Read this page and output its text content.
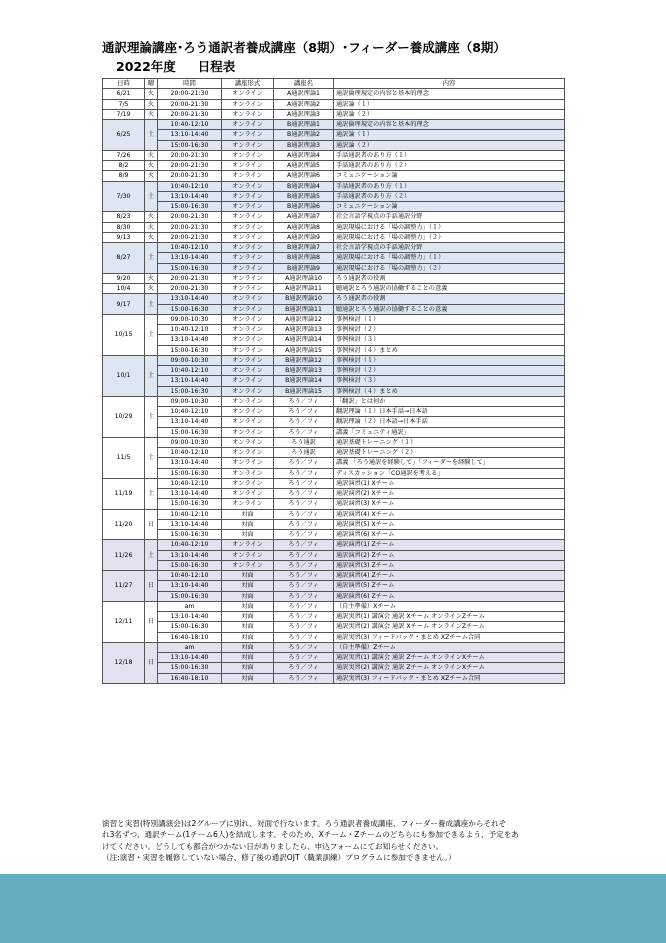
通訳理論講座･ろう通訳者養成講座（8期）･フィーダー養成講座（8期）
2022年度 日程表
日時	曜	時間	講座形式	講座名	内容
6/21	火	20:00-21:30	オンライン	A通訳理論1	通訳倫理規定の内容と基本的理念
7/5	火	20:00-21:30	オンライン	A通訳理論2	通訳論（１）
7/19	火	20:00-21:30	オンライン	A通訳理論3	通訳論（２）
6/25	土	10:40-12:10	オンライン	B通訳理論1	通訳倫理規定の内容と基本的理念
		13:10-14:40	オンライン	B通訳理論2	通訳論（１）
		15:00-16:30	オンライン	B通訳理論3	通訳論（２）
7/26	火	20:00-21:30	オンライン	A通訳理論4	手話通訳者のあり方（１）
8/2	火	20:00-21:30	オンライン	A通訳理論5	手話通訳者のあり方（２）
8/9	火	20:00-21:30	オンライン	A通訳理論6	コミュニケーション論
7/30	土	10:40-12:10	オンライン	B通訳理論4	手話通訳者のあり方（１）
		13:10-14:40	オンライン	B通訳理論5	手話通訳者のあり方（２）
		15:00-16:30	オンライン	B通訳理論6	コミュニケーション論
8/23	火	20:00-21:30	オンライン	A通訳理論7	社会言語学視点の手話通訳分野
8/30	火	20:00-21:30	オンライン	A通訳理論8	通訳現場における「場の調整力」（１）
9/13	火	20:00-21:30	オンライン	A通訳理論9	通訳現場における「場の調整力」（２）
8/27	土	10:40-12:10	オンライン	B通訳理論7	社会言語学視点の手話通訳分野
		13:10-14:40	オンライン	B通訳理論8	通訳現場における「場の調整力」（１）
		15:00-16:30	オンライン	B通訳理論9	通訳現場における「場の調整力」（２）
9/20	火	20:00-21:30	オンライン	A通訳理論10	ろう通訳者の役割
10/4	火	20:00-21:30	オンライン	A通訳理論11	聴通訳とろう通訳の協働することの意義
9/17	土	13:10-14:40	オンライン	B通訳理論10	ろう通訳者の役割
		15:00-16:30	オンライン	B通訳理論11	聴通訳とろう通訳の協働することの意義
10/15	土	09:00-10:30	オンライン	A通訳理論12	事例検討（１）
		10:40-12:10	オンライン	A通訳理論13	事例検討（２）
		13:10-14:40	オンライン	A通訳理論14	事例検討（３）
		15:00-16:30	オンライン	A通訳理論15	事例検討（４）まとめ
10/1	土	09:00-10:30	オンライン	B通訳理論12	事例検討（１）
		10:40-12:10	オンライン	B通訳理論13	事例検討（２）
		13:10-14:40	オンライン	B通訳理論14	事例検討（３）
		15:00-16:30	オンライン	B通訳理論15	事例検討（４）まとめ
10/29	土	09:00-10:30	オンライン	ろう／フィ	「翻訳」とは何か
		10:40-12:10	オンライン	ろう／フィ	翻訳理論（１）日本手話→日本語
		13:10-14:40	オンライン	ろう／フィ	翻訳理論（２）日本語→日本手話
		15:00-16:30	オンライン	ろう／フィ	講義「コミュニティ通訳」
11/5	土	09:00-10:30	オンライン	ろう通訳	通訳基礎トレーニング（１）
		10:40-12:10	オンライン	ろう通訳	通訳基礎トレーニング（２）
		13:10-14:40	オンライン	ろう／フィ	講義 「ろう通訳を経験して」「フィーダーを経験して」
		15:00-16:30	オンライン	ろう／フィ	ディスカッション「CO通訳を考える」
11/19	土	10:40-12:10	オンライン	ろう／フィ	通訳演習(1) Xチーム
		13:10-14:40	オンライン	ろう／フィ	通訳演習(2) Xチーム
		15:00-16:30	オンライン	ろう／フィ	通訳演習(3) Xチーム
11/20	日	10:40-12:10	対面	ろう／フィ	通訳演習(4) Xチーム
		13:10-14:40	対面	ろう／フィ	通訳演習(5) Xチーム
		15:00-16:30	対面	ろう／フィ	通訳演習(6) Xチーム
11/26	土	10:40-12:10	オンライン	ろう／フィ	通訳演習(1) Zチーム
		13:10-14:40	オンライン	ろう／フィ	通訳演習(2) Zチーム
		15:00-16:30	オンライン	ろう／フィ	通訳演習(3) Zチーム
11/27	日	10:40-12:10	対面	ろう／フィ	通訳演習(4) Zチーム
		13:10-14:40	対面	ろう／フィ	通訳演習(5) Zチーム
		15:00-16:30	対面	ろう／フィ	通訳演習(6) Zチーム
12/11	日	am	対面	ろう／フィ	（自主準備）Xチーム
		13:10-14:40	対面	ろう／フィ	通訳実習(1) 講演会 通訳 Xチーム オンラインZチーム
		15:00-16:30	対面	ろう／フィ	通訳実習(2) 講演会 通訳 Xチーム オンラインZチーム
		16:40-18:10	対面	ろう／フィ	通訳実習(3) フィードバック・まとめ XZチーム合同
12/18	日	am	対面	ろう／フィ	（自主準備）Zチーム
		13:10-14:40	対面	ろう／フィ	通訳実習(1) 講演会 通訳 Zチーム オンラインXチーム
		15:00-16:30	対面	ろう／フィ	通訳実習(2) 講演会 通訳 Zチーム オンラインXチーム
		16:40-18:10	対面	ろう／フィ	通訳実習(3) フィードバック・まとめ XZチーム合同

演習と実習(特別講演会)は2グループに別れ、対面で行ないます。ろう通訳者養成講座、フィーダー養成講座からそれぞ

れ3名ずつ、通訳チーム(1チーム6人)を結成します。そのため、Xチーム・Zチームのどちらにも参加できるよう、予定をあ

けてください。どうしても都合がつかない日がありましたら、申込フォームにてお知らせください。

（注:演習・実習を履修していない場合、修了後の通訳OJT（職業訓練）プログラムに参加できません。）
